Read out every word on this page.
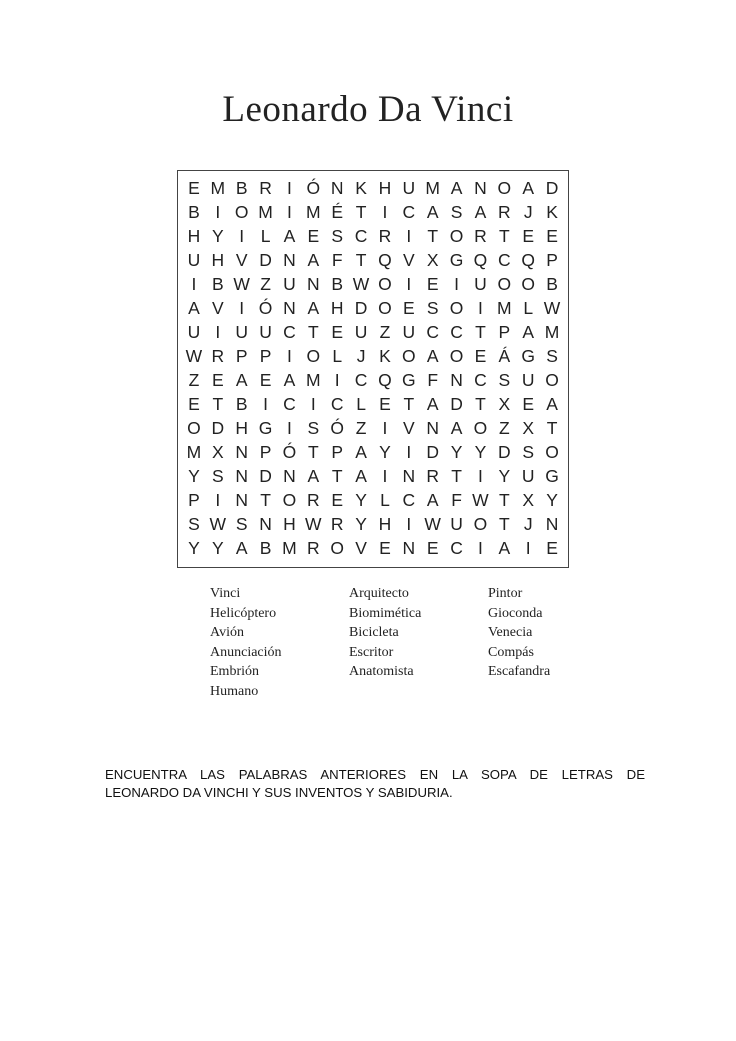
Leonardo Da Vinci
E M B R I Ó N K H U M A N O A D
B I O M I M É T I C A S A R J K
H Y I L A E S C R I T O R T E E
U H V D N A F T Q V X G Q C Q P
I B W Z U N B W O I E I U O O B
A V I Ó N A H D O E S O I M L W
U I U U C T E U Z U C C T P A M
W R P P I O L J K O A O E Á G S
Z E A E A M I C Q G F N C S U O
E T B I C I C L E T A D T X E A
O D H G I S Ó Z I V N A O Z X T
M X N P Ó T P A Y I D Y Y D S O
Y S N D N A T A I N R T I Y U G
P I N T O R E Y L C A F W T X Y
S W S N H W R Y H I W U O T J N
Y Y A B M R O V E N E C I A I E
Vinci
Helicóptero
Avión
Anunciación
Embrión
Humano
Arquitecto
Biomimética
Bicicleta
Escritor
Anatomista
Pintor
Gioconda
Venecia
Compás
Escafandra
ENCUENTRA LAS PALABRAS ANTERIORES EN LA SOPA DE LETRAS DE
LEONARDO DA VINCHI Y SUS INVENTOS Y SABIDURIA.
